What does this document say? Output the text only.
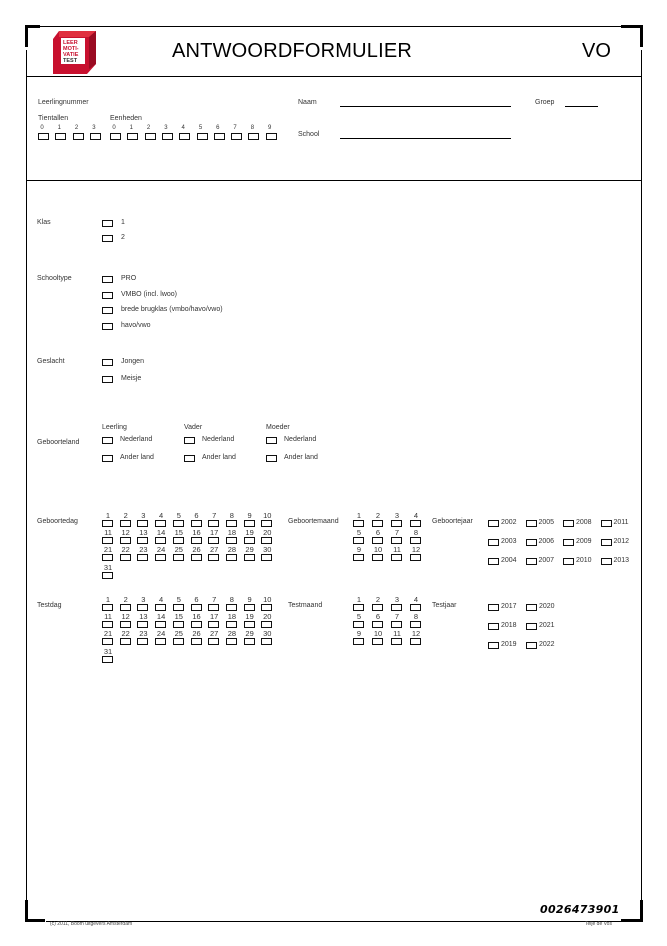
LEER
MOTI-
VATIE
TEST	ANTWOORDFORMULIER	VO
Leerlingnummer
Tientallen	Eenheden
0	1	2	3	0	1	2	3	4	5	6	7	8	9
Naam	Groep
School
Klas	1
2
Schooltype	PRO
VMBO (incl. lwoo)
brede brugklas (vmbo/havo/vwo)
havo/vwo
Geslacht	Jongen
Meisje
Geboorteland
Leerling
Nederland
Ander land
Vader
Nederland
Ander land
Moeder
Nederland
Ander land
Geboortedag
1	2	3	4	5	6	7	8	9	10
11	12	13	14	15	16	17	18	19	20
21	22	23	24	25	26	27	28	29	30
31
Geboortemaand
1	2	3	4
5	6	7	8
9	10	11	12
Geboortejaar	2002	2005	2008	2011
2003	2006	2009	2012
2004	2007	2010	2013
Testdag
1	2	3	4	5	6	7	8	9	10
11	12	13	14	15	16	17	18	19	20
21	22	23	24	25	26	27	28	29	30
31
Testmaand
1	2	3	4
5	6	7	8
9	10	11	12
Testjaar	2017	2020
2018	2021
2019	2022
0026473901
(c) 2011, Boom uitgevers Amsterdam	Teije de Vos
